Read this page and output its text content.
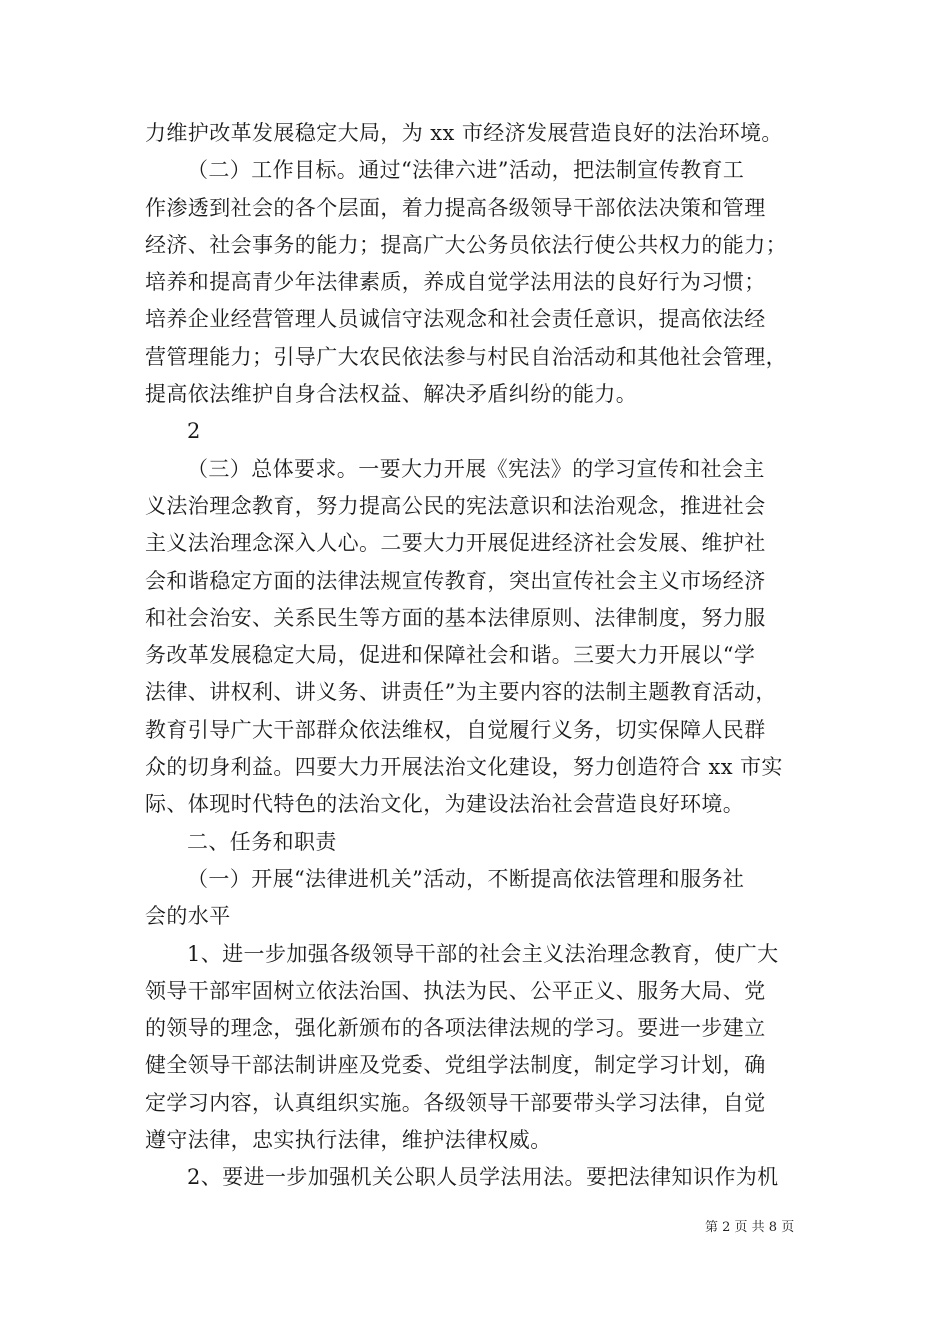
力维护改革发展稳定大局，为 xx 市经济发展营造良好的法治环境。
（二）工作目标。通过“法律六进”活动，把法制宣传教育工
作渗透到社会的各个层面，着力提高各级领导干部依法决策和管理
经济、社会事务的能力；提高广大公务员依法行使公共权力的能力；
培养和提高青少年法律素质，养成自觉学法用法的良好行为习惯；
培养企业经营管理人员诚信守法观念和社会责任意识，提高依法经
营管理能力；引导广大农民依法参与村民自治活动和其他社会管理，
提高依法维护自身合法权益、解决矛盾纠纷的能力。
2
（三）总体要求。一要大力开展《宪法》的学习宣传和社会主
义法治理念教育，努力提高公民的宪法意识和法治观念，推进社会
主义法治理念深入人心。二要大力开展促进经济社会发展、维护社
会和谐稳定方面的法律法规宣传教育，突出宣传社会主义市场经济
和社会治安、关系民生等方面的基本法律原则、法律制度，努力服
务改革发展稳定大局，促进和保障社会和谐。三要大力开展以“学
法律、讲权利、讲义务、讲责任”为主要内容的法制主题教育活动，
教育引导广大干部群众依法维权，自觉履行义务，切实保障人民群
众的切身利益。四要大力开展法治文化建设，努力创造符合 xx 市实
际、体现时代特色的法治文化，为建设法治社会营造良好环境。
二、任务和职责
（一）开展“法律进机关”活动，不断提高依法管理和服务社
会的水平
1、进一步加强各级领导干部的社会主义法治理念教育，使广大
领导干部牢固树立依法治国、执法为民、公平正义、服务大局、党
的领导的理念，强化新颁布的各项法律法规的学习。要进一步建立
健全领导干部法制讲座及党委、党组学法制度，制定学习计划，确
定学习内容，认真组织实施。各级领导干部要带头学习法律，自觉
遵守法律，忠实执行法律，维护法律权威。
2、要进一步加强机关公职人员学法用法。要把法律知识作为机
第 2 页 共 8 页
